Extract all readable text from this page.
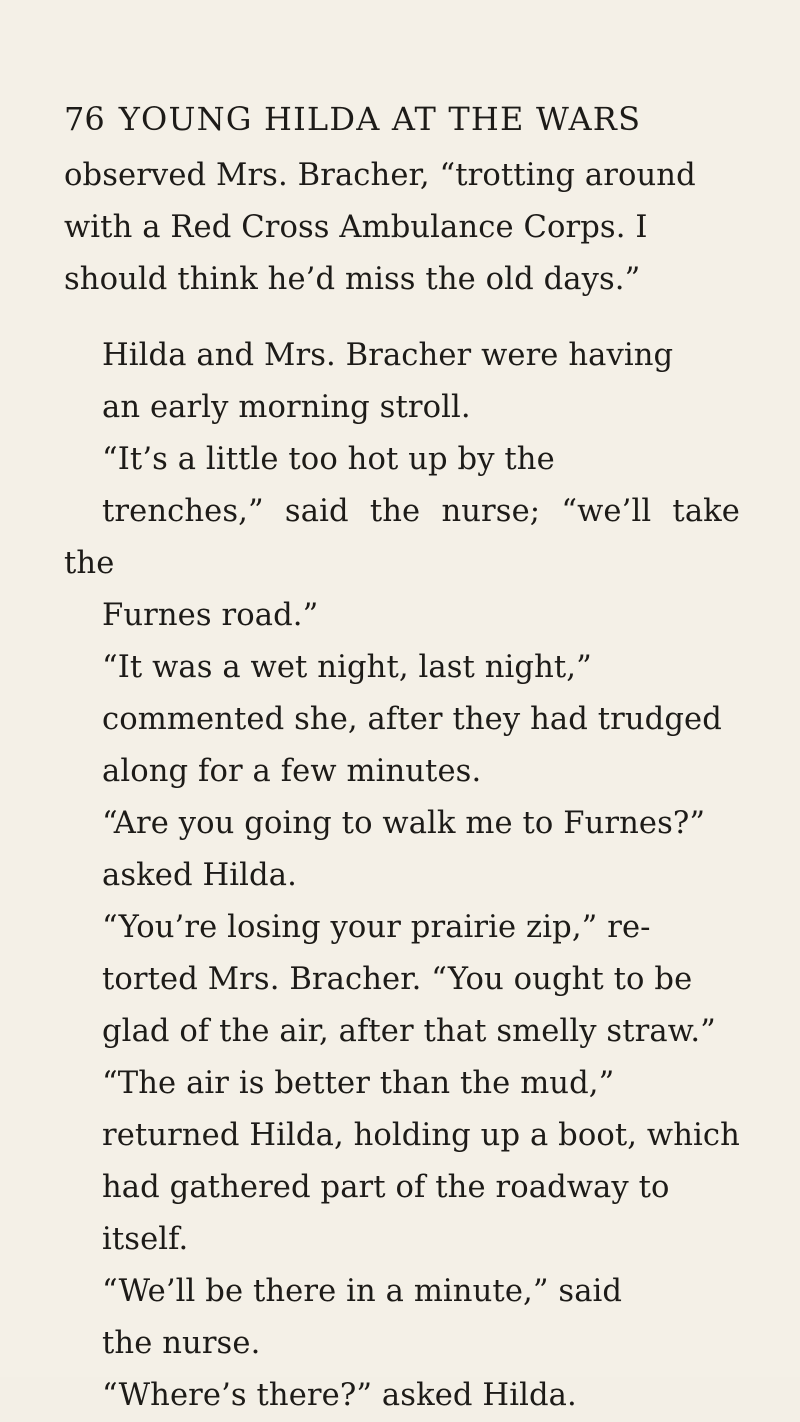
76 YOUNG HILDA AT THE WARS

observed Mrs. Bracher, “trotting around
with a Red Cross Ambulance Corps. I
should think he’d miss the old days.”

Hilda and Mrs. Bracher were having
an early morning stroll.

“It’s a little too hot up by the
trenches,” said the nurse; “we’ll take the
Furnes road.”

“It was a wet night, last night,”
commented she, after they had trudged
along for a few minutes.

“Are you going to walk me to Furnes?”
asked Hilda.

“You’re losing your prairie zip,” re-
torted Mrs. Bracher. “You ought to be
glad of the air, after that smelly straw.”

“The air is better than the mud,”
returned Hilda, holding up a boot, which
had gathered part of the roadway to
itself.

“We’ll be there in a minute,” said
the nurse.

“Where’s there?” asked Hilda.
